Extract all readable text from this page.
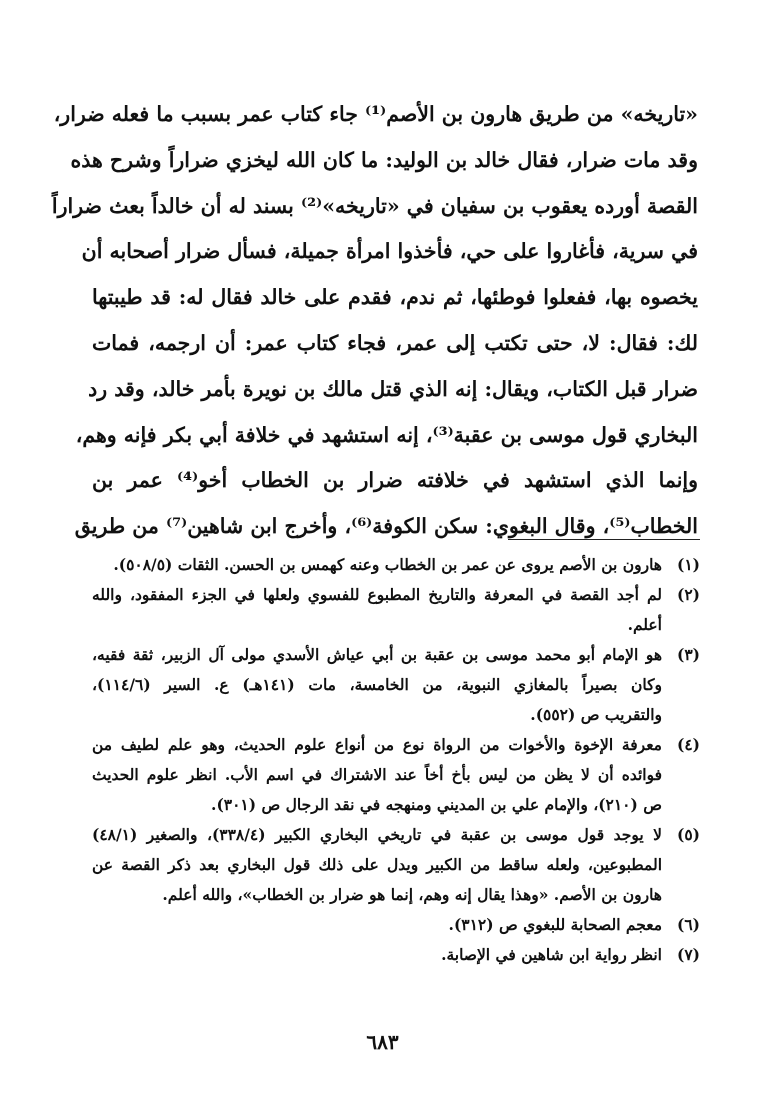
«تاريخه» من طريق هارون بن الأصم⁽¹⁾ جاء كتاب عمر بسبب ما فعله ضرار،
وقد مات ضرار، فقال خالد بن الوليد: ما كان الله ليخزي ضراراً وشرح هذه
القصة أورده يعقوب بن سفيان في «تاريخه»⁽²⁾ بسند له أن خالداً بعث ضراراً
في سرية، فأغاروا على حي، فأخذوا امرأة جميلة، فسأل ضرار أصحابه أن
يخصوه بها، ففعلوا فوطئها، ثم ندم، فقدم على خالد فقال له: قد طيبتها
لك: فقال: لا، حتى تكتب إلى عمر، فجاء كتاب عمر: أن ارجمه، فمات
ضرار قبل الكتاب، ويقال: إنه الذي قتل مالك بن نويرة بأمر خالد، وقد رد
البخاري قول موسى بن عقبة⁽³⁾، إنه استشهد في خلافة أبي بكر فإنه وهم،
وإنما الذي استشهد في خلافته ضرار بن الخطاب أخو⁽⁴⁾ عمر بن
الخطاب⁽⁵⁾، وقال البغوي: سكن الكوفة⁽⁶⁾، وأخرج ابن شاهين⁽⁷⁾ من طريق
(١)
هارون بن الأصم يروى عن عمر بن الخطاب وعنه كهمس بن الحسن. الثقات (٥٠٨/٥).
(٢)
لم أجد القصة في المعرفة والتاريخ المطبوع للفسوي ولعلها في الجزء المفقود، والله
أعلم.
(٣)
هو الإمام أبو محمد موسى بن عقبة بن أبي عياش الأسدي مولى آل الزبير، ثقة فقيه،
وكان بصيراً بالمغازي النبوية، من الخامسة، مات (١٤١هـ) ع. السير (١١٤/٦)،
والتقريب ص (٥٥٢).
(٤)
معرفة الإخوة والأخوات من الرواة نوع من أنواع علوم الحديث، وهو علم لطيف من
فوائده أن لا يظن من ليس بأخ أخاً عند الاشتراك في اسم الأب. انظر علوم الحديث
ص (٢١٠)، والإمام علي بن المديني ومنهجه في نقد الرجال ص (٣٠١).
(٥)
لا يوجد قول موسى بن عقبة في تاريخي البخاري الكبير (٣٣٨/٤)، والصغير (٤٨/١)
المطبوعين، ولعله ساقط من الكبير ويدل على ذلك قول البخاري بعد ذكر القصة عن
هارون بن الأصم. «وهذا يقال إنه وهم، إنما هو ضرار بن الخطاب»، والله أعلم.
(٦)
معجم الصحابة للبغوي ص (٣١٢).
(٧)
انظر رواية ابن شاهين في الإصابة.
٦٨٣
